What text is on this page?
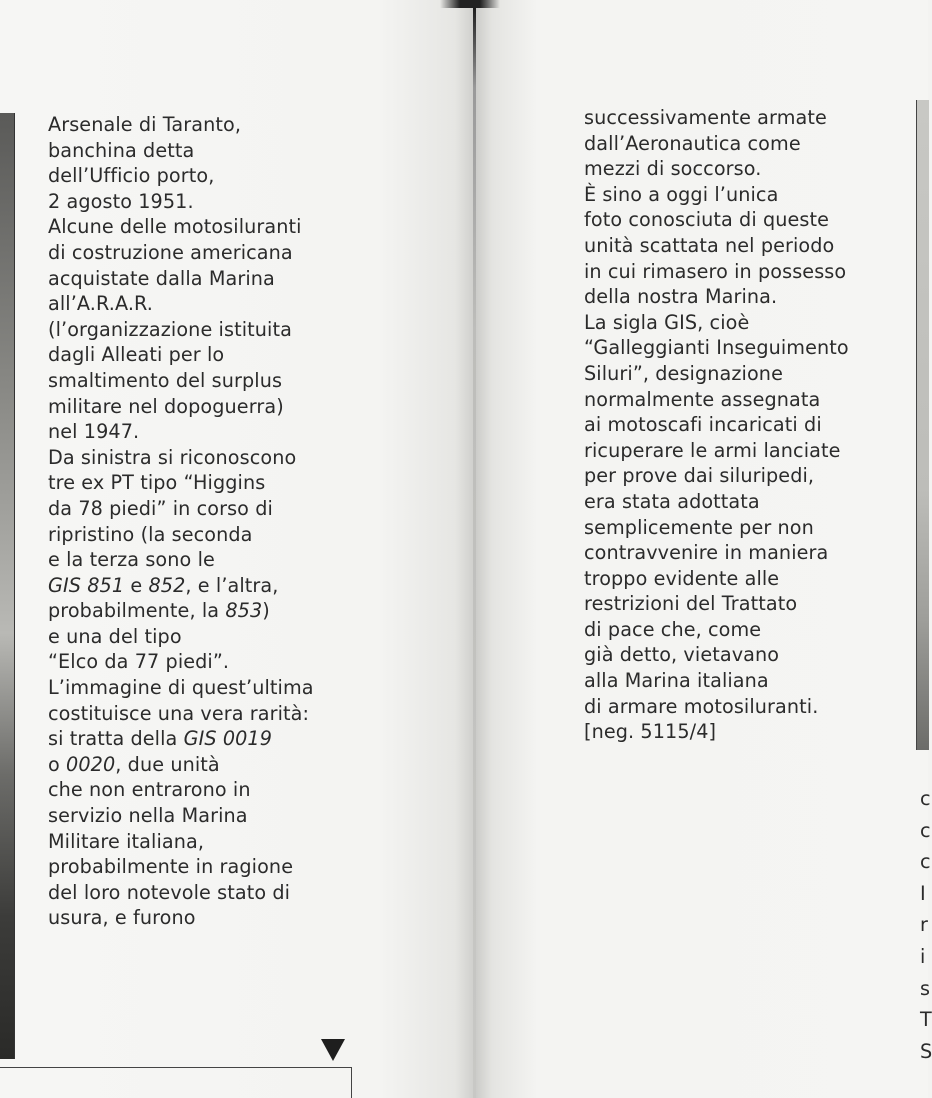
Arsenale di Taranto,
banchina detta
dell’Ufficio porto,
2 agosto 1951.
Alcune delle motosiluranti
di costruzione americana
acquistate dalla Marina
all’A.R.A.R.
(l’organizzazione istituita
dagli Alleati per lo
smaltimento del surplus
militare nel dopoguerra)
nel 1947.
Da sinistra si riconoscono
tre ex PT tipo “Higgins
da 78 piedi” in corso di
ripristino (la seconda
e la terza sono le
GIS 851 e 852, e l’altra,
probabilmente, la 853)
e una del tipo
“Elco da 77 piedi”.
L’immagine di quest’ultima
costituisce una vera rarità:
si tratta della GIS 0019
o 0020, due unità
che non entrarono in
servizio nella Marina
Militare italiana,
probabilmente in ragione
del loro notevole stato di
usura, e furono
successivamente armate
dall’Aeronautica come
mezzi di soccorso.
È sino a oggi l’unica
foto conosciuta di queste
unità scattata nel periodo
in cui rimasero in possesso
della nostra Marina.
La sigla GIS, cioè
“Galleggianti Inseguimento
Siluri”, designazione
normalmente assegnata
ai motoscafi incaricati di
ricuperare le armi lanciate
per prove dai siluripedi,
era stata adottata
semplicemente per non
contravvenire in maniera
troppo evidente alle
restrizioni del Trattato
di pace che, come
già detto, vietavano
alla Marina italiana
di armare motosiluranti.
[neg. 5115/4]
c
c
c
I
r
i
s
T
S
